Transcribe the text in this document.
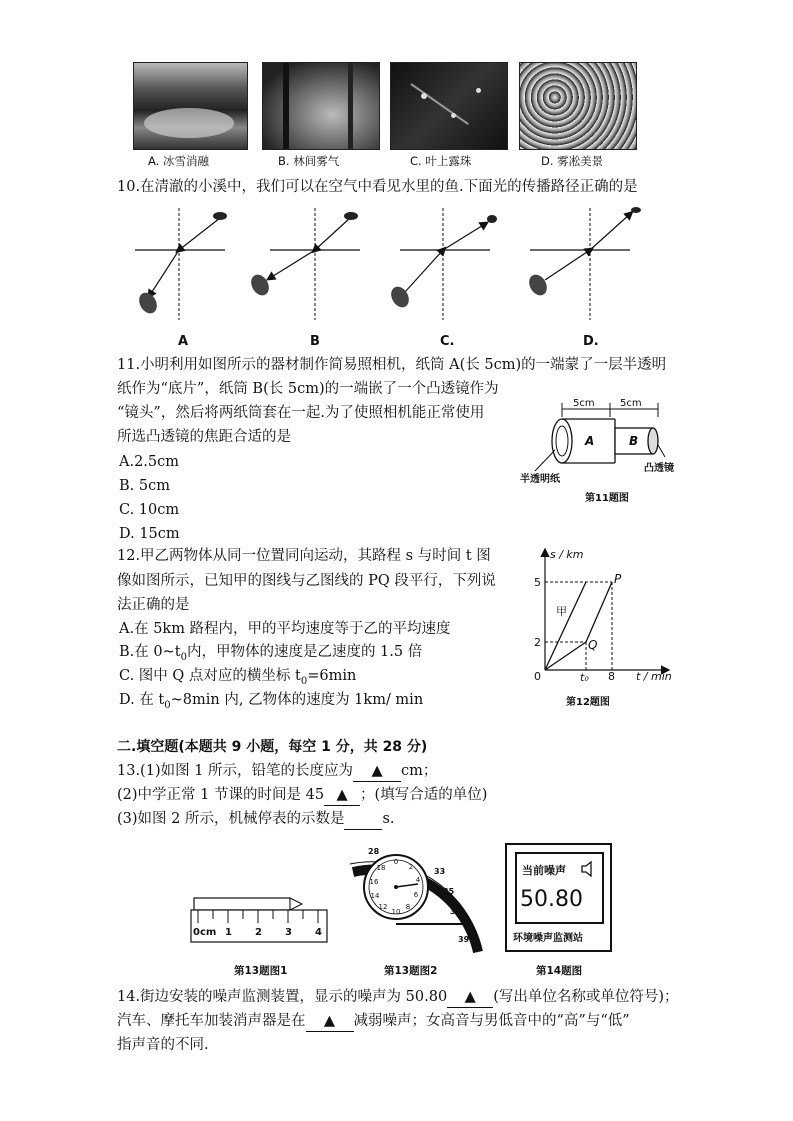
A. 冰雪消融	B. 林间雾气	C. 叶上露珠	D. 雾凇美景
10.在清澈的小溪中，我们可以在空气中看见水里的鱼.下面光的传播路径正确的是
A	B	C.	D.
11.小明利用如图所示的器材制作简易照相机，纸筒 A(长 5cm)的一端蒙了一层半透明
纸作为“底片”，纸筒 B(长 5cm)的一端嵌了一个凸透镜作为
“镜头”，然后将两纸筒套在一起.为了使照相机能正常使用
所选凸透镜的焦距合适的是
A.2.5cm
B. 5cm
C. 10cm
D. 15cm
5cm	5cm
A	B
半透明纸
凸透镜
第11题图
12.甲乙两物体从同一位置同向运动，其路程 s 与时间 t 图
像如图所示，已知甲的图线与乙图线的 PQ 段平行，下列说
法正确的是
A.在 5km 路程内，甲的平均速度等于乙的平均速度
B.在 $0\sim t_0$内，甲物体的速度是乙速度的 1.5 倍
C. 图中 Q 点对应的横坐标 $t_0=6\min$
D. 在 $t_0\sim 8\min$ 内, 乙物体的速度为 1km/ min
s / km
t / min
5
2
0	t₀ 8
P
Q
甲
第12题图
二.填空题(本题共 9 小题，每空 1 分，共 28 分)
13.(1)如图 1 所示，铅笔的长度应为 ▲ cm；
(2)中学正常 1 节课的时间是 45 ▲ ；(填写合适的单位)
(3)如图 2 所示，机械停表的示数是	s.
0cm 1 2 3 4
第13题图1
0
2
4
6
8
10
12
14
16
18	33
35
37
39
28
第13题图2
当前噪声
50.80
环境噪声监测站
第14题图
14.街边安装的噪声监测装置，显示的噪声为 50.80 ▲ (写出单位名称或单位符号)；
汽车、摩托车加装消声器是在 ▲ 减弱噪声；女高音与男低音中的“高”与“低”
指声音的不同.
